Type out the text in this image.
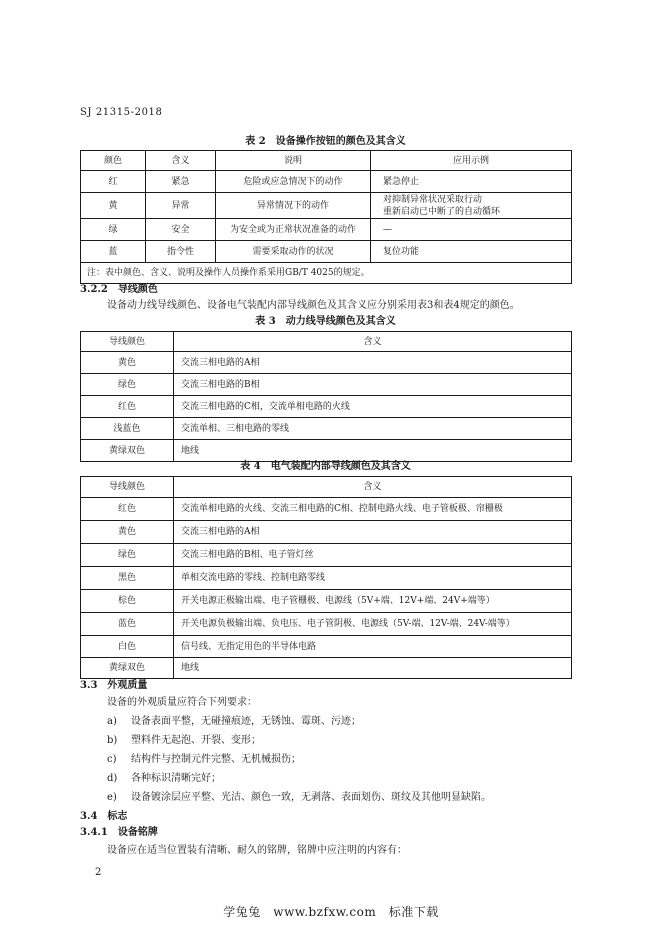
SJ 21315-2018
表 2　设备操作按钮的颜色及其含义
颜色	含义	说明	应用示例
红	紧急	危险或应急情况下的动作	紧急停止

黄	异常	异常情况下的动作	对抑制异常状况采取行动
重新启动已中断了的自动循环

绿	安全	为安全或为正常状况准备的动作	—

蓝	指令性	需要采取动作的状况	复位功能

注：表中颜色、含义、说明及操作人员操作系采用GB/T 4025的规定。			
3.2.2　导线颜色
设备动力线导线颜色、设备电气装配内部导线颜色及其含义应分别采用表3和表4规定的颜色。
表 3　动力线导线颜色及其含义
导线颜色	含义
黄色	交流三相电路的A相
绿色	交流三相电路的B相
红色	交流三相电路的C相，交流单相电路的火线
浅蓝色	交流单相、三相电路的零线
黄绿双色	地线
表 4　电气装配内部导线颜色及其含义
导线颜色	含义
红色	交流单相电路的火线、交流三相电路的C相、控制电路火线、电子管板极、帘栅极
黄色	交流三相电路的A相
绿色	交流三相电路的B相、电子管灯丝
黑色	单相交流电路的零线、控制电路零线
棕色	开关电源正极输出端、电子管栅极、电源线（5V+端、12V+端、24V+端等）
蓝色	开关电源负极输出端、负电压、电子管阴极、电源线（5V-端、12V-端、24V-端等）
白色	信号线、无指定用色的半导体电路
黄绿双色	地线
3.3　外观质量
设备的外观质量应符合下列要求：
a) 设备表面平整，无碰撞痕迹，无锈蚀、霉斑、污迹；
b) 塑料件无起泡、开裂、变形；
c) 结构件与控制元件完整、无机械损伤；
d) 各种标识清晰完好；
e) 设备镀涂层应平整、光洁、颜色一致，无剥落、表面划伤、斑纹及其他明显缺陷。
3.4　标志
3.4.1　设备铭牌
设备应在适当位置装有清晰、耐久的铭牌，铭牌中应注明的内容有：
2
学兔兔　www.bzfxw.com　标准下载
